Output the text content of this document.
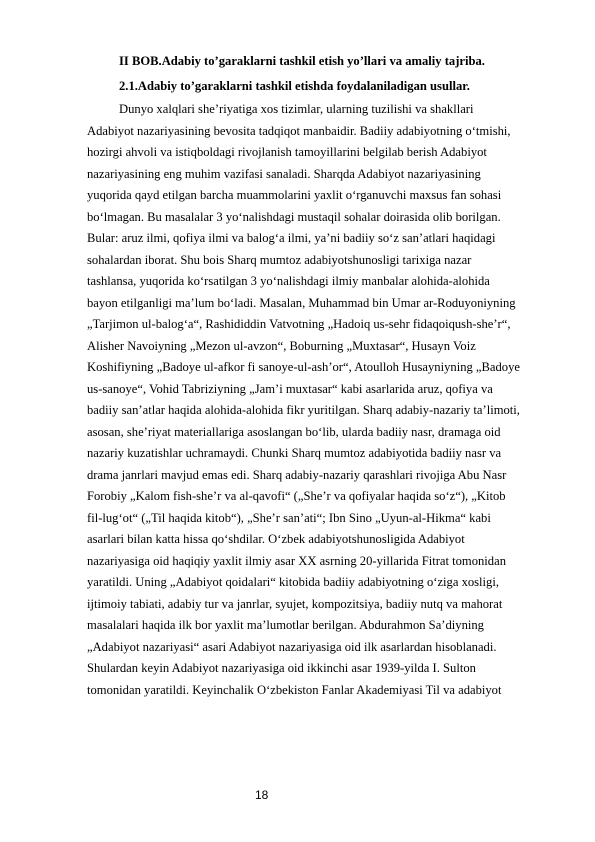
II BOB.Adabiy to’garaklarni tashkil etish yo’llari va amaliy tajriba.
2.1.Adabiy to’garaklarni tashkil etishda foydalaniladigan usullar.
Dunyo xalqlari she’riyatiga xos tizimlar, ularning tuzilishi va shakllari
Adabiyot nazariyasining bevosita tadqiqot manbaidir. Badiiy adabiyotning o‘tmishi,
hozirgi ahvoli va istiqboldagi rivojlanish tamoyillarini belgilab berish Adabiyot
nazariyasining eng muhim vazifasi sanaladi. Sharqda Adabiyot nazariyasining
yuqorida qayd etilgan barcha muammolarini yaxlit o‘rganuvchi maxsus fan sohasi
bo‘lmagan. Bu masalalar 3 yo‘nalishdagi mustaqil sohalar doirasida olib borilgan.
Bular: aruz ilmi, qofiya ilmi va balog‘a ilmi, ya’ni badiiy so‘z san’atlari haqidagi
sohalardan iborat. Shu bois Sharq mumtoz adabiyotshunosligi tarixiga nazar
tashlansa, yuqorida ko‘rsatilgan 3 yo‘nalishdagi ilmiy manbalar alohida-alohida
bayon etilganligi ma’lum bo‘ladi. Masalan, Muhammad bin Umar ar-Roduyoniyning
„Tarjimon ul-balog‘a“, Rashididdin Vatvotning „Hadoiq us-sehr fidaqoiqush-she’r“,
Alisher Navoiyning „Mezon ul-avzon“, Boburning „Muxtasar“, Husayn Voiz
Koshifiyning „Badoye ul-afkor fi sanoye-ul-ash’or“, Atoulloh Husayniyning „Badoye
us-sanoye“, Vohid Tabriziyning „Jam’i muxtasar“ kabi asarlarida aruz, qofiya va
badiiy san’atlar haqida alohida-alohida fikr yuritilgan. Sharq adabiy-nazariy ta’limoti,
asosan, she’riyat materiallariga asoslangan bo‘lib, ularda badiiy nasr, dramaga oid
nazariy kuzatishlar uchramaydi. Chunki Sharq mumtoz adabiyotida badiiy nasr va
drama janrlari mavjud emas edi. Sharq adabiy-nazariy qarashlari rivojiga Abu Nasr
Forobiy „Kalom fish-she’r va al-qavofi“ („She’r va qofiyalar haqida so‘z“), „Kitob
fil-lug‘ot“ („Til haqida kitob“), „She’r san’ati“; Ibn Sino „Uyun-al-Hikma“ kabi
asarlari bilan katta hissa qo‘shdilar. O‘zbek adabiyotshunosligida Adabiyot
nazariyasiga oid haqiqiy yaxlit ilmiy asar XX asrning 20-yillarida Fitrat tomonidan
yaratildi. Uning „Adabiyot qoidalari“ kitobida badiiy adabiyotning o‘ziga xosligi,
ijtimoiy tabiati, adabiy tur va janrlar, syujet, kompozitsiya, badiiy nutq va mahorat
masalalari haqida ilk bor yaxlit ma’lumotlar berilgan. Abdurahmon Sa’diyning
„Adabiyot nazariyasi“ asari Adabiyot nazariyasiga oid ilk asarlardan hisoblanadi.
Shulardan keyin Adabiyot nazariyasiga oid ikkinchi asar 1939-yilda I. Sulton
tomonidan yaratildi. Keyinchalik O‘zbekiston Fanlar Akademiyasi Til va adabiyot
18
